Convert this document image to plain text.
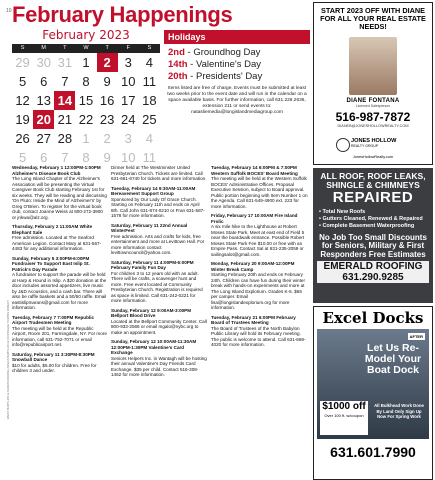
10
WEST BABYLON & SURROUNDING AREAS BABYLON & COPIAGUE TOWNS DIRECT
February Happenings
February 2023
S	M	T	W	T	F	S
29 30 31 1	2	3	4
5	6	7	8	9 10 11
12 13 14 15 16 17 18
19 20 21 22 23 24 25
26 27 28 1	2	3	4
5	6	7	8	9 10 11
Holidays
2nd - Groundhog Day
14th - Valentine's Day
20th - Presidents' Day
Items listed are free of charge. Events must be submitted at least two weeks prior to the event date and will run in the calendar on a space available basis. For further information, call 631.226.2636, extension 211 or send events to: natasliemedia@longislandmediagroup.com
Wednesday, February 1 12:00PM-1:00PM Alzheimer's Disease Book Club
The Long Island Chapter of the Alzheimer's Association will be presenting the Virtual Caregiver Book Club starting February 1st for six weeks. They will be reading and discussing 'On Pluto: Inside the Mind of Alzheimer's' by Greg O'Brien. To register for the virtual book club, contact Joanne Weiss at 800-272-3900 or jnkwa@alz.org.
Thursday, February 2 11:00AM White Elephant Sale
Free admission. Located at The Seaford American Legion. Contact Mary at 631-567-4483 for any additional information.
Sunday, February 5 3:00PM-6:00PM Fundraiser To Support East Islip St. Patrick's Day Parade
A fundraiser to support the parade will be held at Harp & Hound in Islip. A $20 donation at the door includes assorted appetizers, live music by J&D Acoustics, and a cash bar. There will also be raffle baskets and a 50/50 raffle. Email eastislipmarans@gmail.com for more information.
Tuesday, February 7 7:00PM Republic Airport Tradesmen Meeting
The meeting will be held at the Republic Airport, Room 201, Farmingdale, NY. For more information, call 631-752-7071 or email info@republicairport.net.
Saturday, February 11 3:30PM-8:30PM Snowball Dance
$10 for adults, $5.00 for children. Free for children 3 and under.
Dinner held at The Westminster United Presbyterian Church. Tickets are limited. Call 631-661-6740 for tickets and more information.
Tuesday, February 14 9:30AM-11:00AM Bereavement Support Group
Sponsored by Our Lady Of Grace Church. Starting on February 11th and ends on April 8th. Call John 631-874-0210 or Fran 631-587-1578 for more information.
Saturday, February 11 22nd Annual WinterFest
Free admission. Arts and crafts for kids, free entertainment and more at Levittown Hall. For more information contact levittowncouncil@yahoo.com.
Saturday, February 11 4:00PM-6:00PM February Family Fun Day
For children 3 to 12 years old with an adult. There will be crafts, a scavenger hunt and more. Free event located at Community Presbyterian Church. Registration is required as space is limited. Call 631-242-0221 for more information.
Sunday, February 12 9:00AM-3:00PM Bellport Blood Drive
Located at the Bellport Community Center. Call 800-933-2566 or email mgalo@nybc.org to make an appointment.
Sunday, February 12 10:00AM-11:30AM 12:00PM-1:30PM Valentine's Card Exchange
Seniors Helpers Inc. in Wantagh will be hosting their annual Valentine's Day Friends Card Exchange. $35 per child. Contact 516-308-1462 for more information.
Tuesday, February 14 6:00PM & 7:00PM Western Suffolk BOCES' Board Meeting
The meeting will be held at the Western Suffolk BOCES' Administrative Offices. Proposal Executive Session, subject to Board approval. Public portion beginning with Item Number 1 on the Agenda. Call 631-549-4900 ext. 223 for more information.
Friday, February 17 10:00AM Fire Island Frolic
A six mile hike to the Lighthouse at Robert Moses State Park. Meet at east end of Field 5 near the boardwalk entrance. Possible Robert Moses State Park Fee $10.00 or free with an Empire Pass. Contact Sal at 631-235-2059 or sailingsalot@gmail.com.
Monday, February 20 9:00AM-12:00PM Winter Break Camp
Starting February 20th and ends on February 24th. Children can have fun during their winter break with hands-on experiments and more at The Long Island Explorium. Grades K-5. $65 per camper. Email lisa@longislandexplorium.org for more information.
Tuesday, February 21 6:00PM February Board of Trustees Meeting
The Board of Trustees of the North Babylon Public Library will hold its February meeting. The public is welcome to attend. Call 631-669-4020 for more information.
START 2023 OFF WITH DIANE FOR ALL YOUR REAL ESTATE NEEDS!
DIANE FONTANA
Licensed Salesperson
516-987-7872
DIANEB@JONESHOLLOWREALTY.COM
JONES HOLLOW
REALTY GROUP
JonesHollowRealty.com
ALL ROOF, ROOF LEAKS, SHINGLE & CHIMNEYS
REPAIRED
• Total New Roofs
• Gutters Cleaned, Renewed & Repaired
• Complete Basement Waterproofing
No Job Too Small Discounts for Seniors, Military & First Responders Free Estimates
EMERALD ROOFING
631.290.9285
Excel Docks
AFTER
Let Us Re-Model Your Boat Dock
$1000 off
Over 100 ft. w/coupon
All Bulkhead Work Done By Land Only Sign Up Now For Spring Work
631.601.7990
